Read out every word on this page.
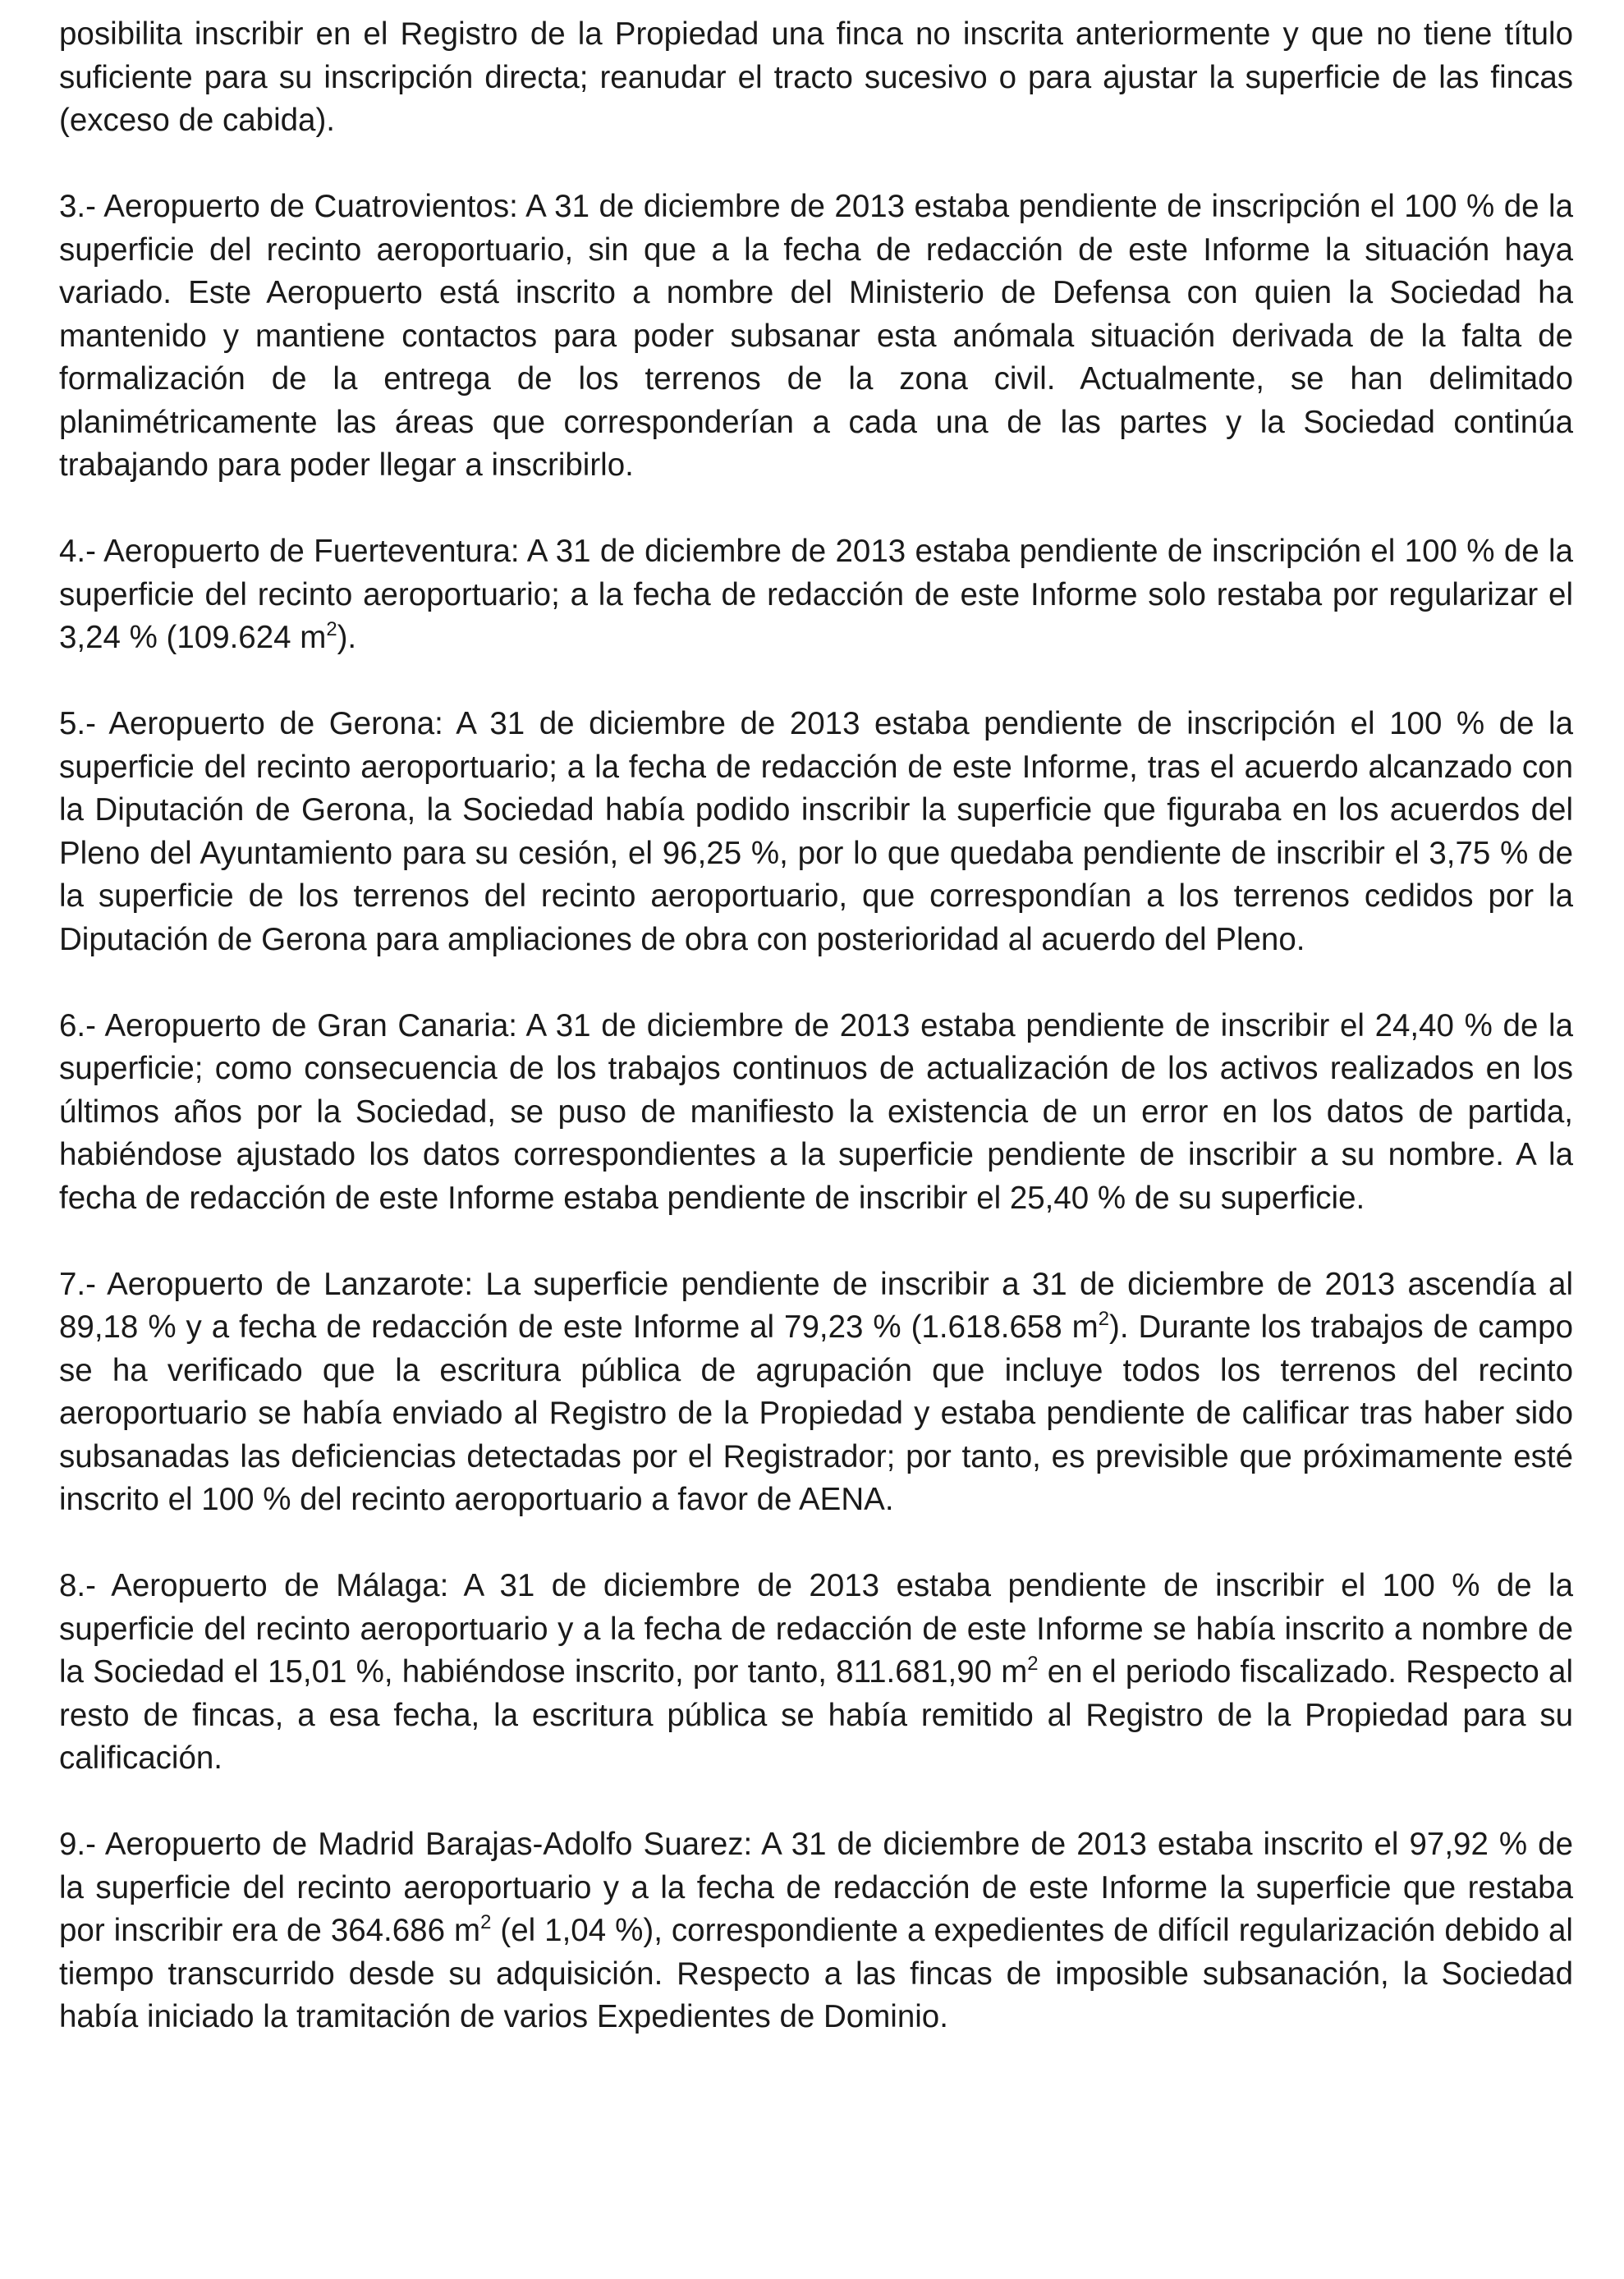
posibilita inscribir en el Registro de la Propiedad una finca no inscrita anteriormente y que no tiene título suficiente para su inscripción directa; reanudar el tracto sucesivo o para ajustar la superficie de las fincas (exceso de cabida).

3.- Aeropuerto de Cuatrovientos: A 31 de diciembre de 2013 estaba pendiente de inscripción el 100 % de la superficie del recinto aeroportuario, sin que a la fecha de redacción de este Informe la situación haya variado. Este Aeropuerto está inscrito a nombre del Ministerio de Defensa con quien la Sociedad ha mantenido y mantiene contactos para poder subsanar esta anómala situación derivada de la falta de formalización de la entrega de los terrenos de la zona civil. Actualmente, se han delimitado planimétricamente las áreas que corresponderían a cada una de las partes y la Sociedad continúa trabajando para poder llegar a inscribirlo.

4.- Aeropuerto de Fuerteventura: A 31 de diciembre de 2013 estaba pendiente de inscripción el 100 % de la superficie del recinto aeroportuario; a la fecha de redacción de este Informe solo restaba por regularizar el 3,24 % (109.624 $m^2$).

5.- Aeropuerto de Gerona: A 31 de diciembre de 2013 estaba pendiente de inscripción el 100 % de la superficie del recinto aeroportuario; a la fecha de redacción de este Informe, tras el acuerdo alcanzado con la Diputación de Gerona, la Sociedad había podido inscribir la superficie que figuraba en los acuerdos del Pleno del Ayuntamiento para su cesión, el 96,25 %, por lo que quedaba pendiente de inscribir el 3,75 % de la superficie de los terrenos del recinto aeroportuario, que correspondían a los terrenos cedidos por la Diputación de Gerona para ampliaciones de obra con posterioridad al acuerdo del Pleno.

6.- Aeropuerto de Gran Canaria: A 31 de diciembre de 2013 estaba pendiente de inscribir el 24,40 % de la superficie; como consecuencia de los trabajos continuos de actualización de los activos realizados en los últimos años por la Sociedad, se puso de manifiesto la existencia de un error en los datos de partida, habiéndose ajustado los datos correspondientes a la superficie pendiente de inscribir a su nombre. A la fecha de redacción de este Informe estaba pendiente de inscribir el 25,40 % de su superficie.

7.- Aeropuerto de Lanzarote: La superficie pendiente de inscribir a 31 de diciembre de 2013 ascendía al 89,18 % y a fecha de redacción de este Informe al 79,23 % (1.618.658 $m^2$). Durante los trabajos de campo se ha verificado que la escritura pública de agrupación que incluye todos los terrenos del recinto aeroportuario se había enviado al Registro de la Propiedad y estaba pendiente de calificar tras haber sido subsanadas las deficiencias detectadas por el Registrador; por tanto, es previsible que próximamente esté inscrito el 100 % del recinto aeroportuario a favor de AENA.

8.- Aeropuerto de Málaga: A 31 de diciembre de 2013 estaba pendiente de inscribir el 100 % de la superficie del recinto aeroportuario y a la fecha de redacción de este Informe se había inscrito a nombre de la Sociedad el 15,01 %, habiéndose inscrito, por tanto, 811.681,90 $m^2$ en el periodo fiscalizado. Respecto al resto de fincas, a esa fecha, la escritura pública se había remitido al Registro de la Propiedad para su calificación.

9.- Aeropuerto de Madrid Barajas-Adolfo Suarez: A 31 de diciembre de 2013 estaba inscrito el 97,92 % de la superficie del recinto aeroportuario y a la fecha de redacción de este Informe la superficie que restaba por inscribir era de 364.686 $m^2$ (el 1,04 %), correspondiente a expedientes de difícil regularización debido al tiempo transcurrido desde su adquisición. Respecto a las fincas de imposible subsanación, la Sociedad había iniciado la tramitación de varios Expedientes de Dominio.
